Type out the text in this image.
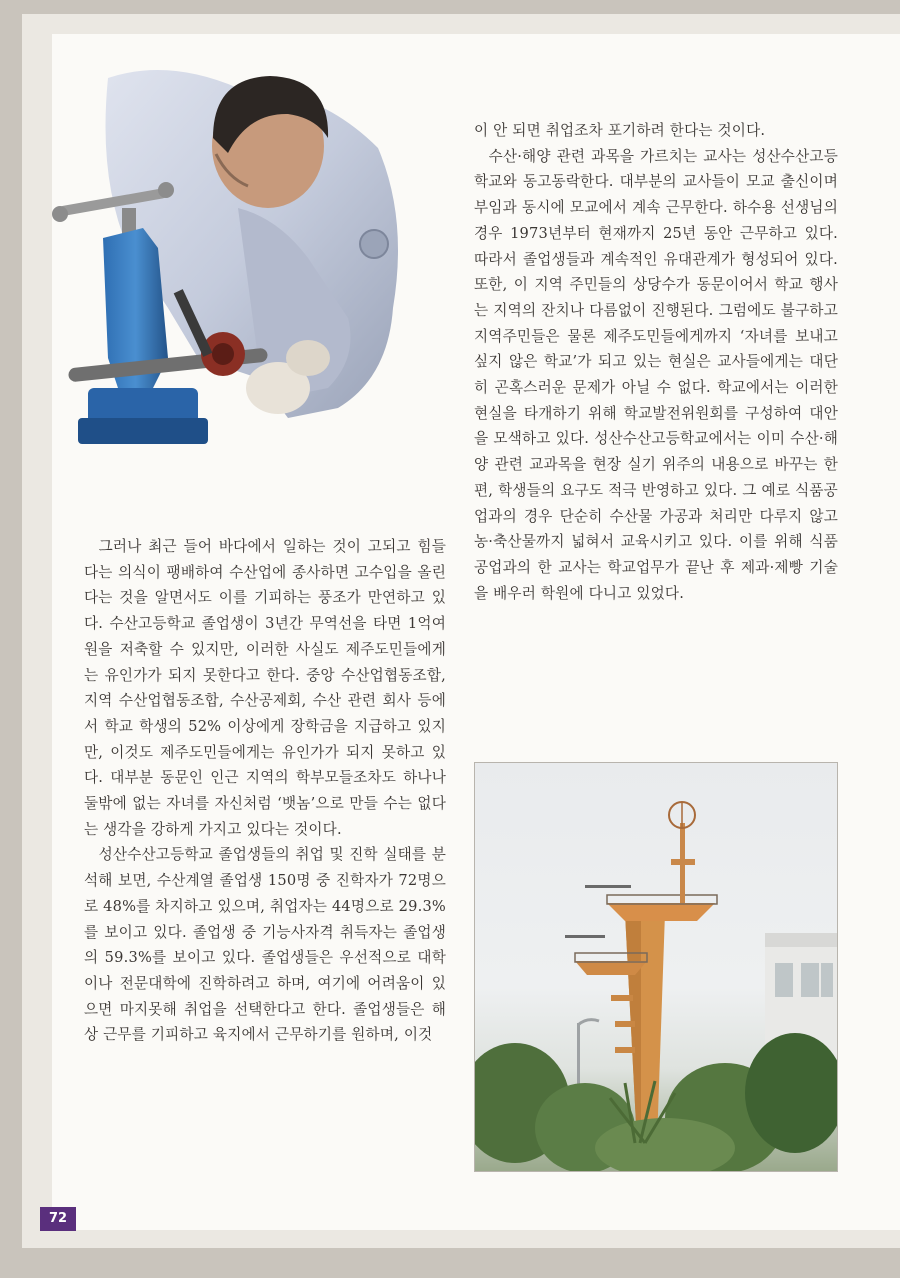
그러나 최근 들어 바다에서 일하는 것이 고되고 힘들다는 의식이 팽배하여 수산업에 종사하면 고수입을 올린다는 것을 알면서도 이를 기피하는 풍조가 만연하고 있다. 수산고등학교 졸업생이 3년간 무역선을 타면 1억여 원을 저축할 수 있지만, 이러한 사실도 제주도민들에게는 유인가가 되지 못한다고 한다. 중앙 수산업협동조합, 지역 수산업협동조합, 수산공제회, 수산 관련 회사 등에서 학교 학생의 52% 이상에게 장학금을 지급하고 있지만, 이것도 제주도민들에게는 유인가가 되지 못하고 있다. 대부분 동문인 인근 지역의 학부모들조차도 하나나 둘밖에 없는 자녀를 자신처럼 ‘뱃놈’으로 만들 수는 없다는 생각을 강하게 가지고 있다는 것이다.

성산수산고등학교 졸업생들의 취업 및 진학 실태를 분석해 보면, 수산계열 졸업생 150명 중 진학자가 72명으로 48%를 차지하고 있으며, 취업자는 44명으로 29.3%를 보이고 있다. 졸업생 중 기능사자격 취득자는 졸업생의 59.3%를 보이고 있다. 졸업생들은 우선적으로 대학이나 전문대학에 진학하려고 하며, 여기에 어려움이 있으면 마지못해 취업을 선택한다고 한다. 졸업생들은 해상 근무를 기피하고 육지에서 근무하기를 원하며, 이것

이 안 되면 취업조차 포기하려 한다는 것이다.

수산·해양 관련 과목을 가르치는 교사는 성산수산고등학교와 동고동락한다. 대부분의 교사들이 모교 출신이며 부임과 동시에 모교에서 계속 근무한다. 하수용 선생님의 경우 1973년부터 현재까지 25년 동안 근무하고 있다. 따라서 졸업생들과 계속적인 유대관계가 형성되어 있다. 또한, 이 지역 주민들의 상당수가 동문이어서 학교 행사는 지역의 잔치나 다름없이 진행된다. 그럼에도 불구하고 지역주민들은 물론 제주도민들에게까지 ‘자녀를 보내고 싶지 않은 학교’가 되고 있는 현실은 교사들에게는 대단히 곤혹스러운 문제가 아닐 수 없다. 학교에서는 이러한 현실을 타개하기 위해 학교발전위원회를 구성하여 대안을 모색하고 있다. 성산수산고등학교에서는 이미 수산·해양 관련 교과목을 현장 실기 위주의 내용으로 바꾸는 한편, 학생들의 요구도 적극 반영하고 있다. 그 예로 식품공업과의 경우 단순히 수산물 가공과 처리만 다루지 않고 농·축산물까지 넓혀서 교육시키고 있다. 이를 위해 식품공업과의 한 교사는 학교업무가 끝난 후 제과·제빵 기술을 배우러 학원에 다니고 있었다.

72
